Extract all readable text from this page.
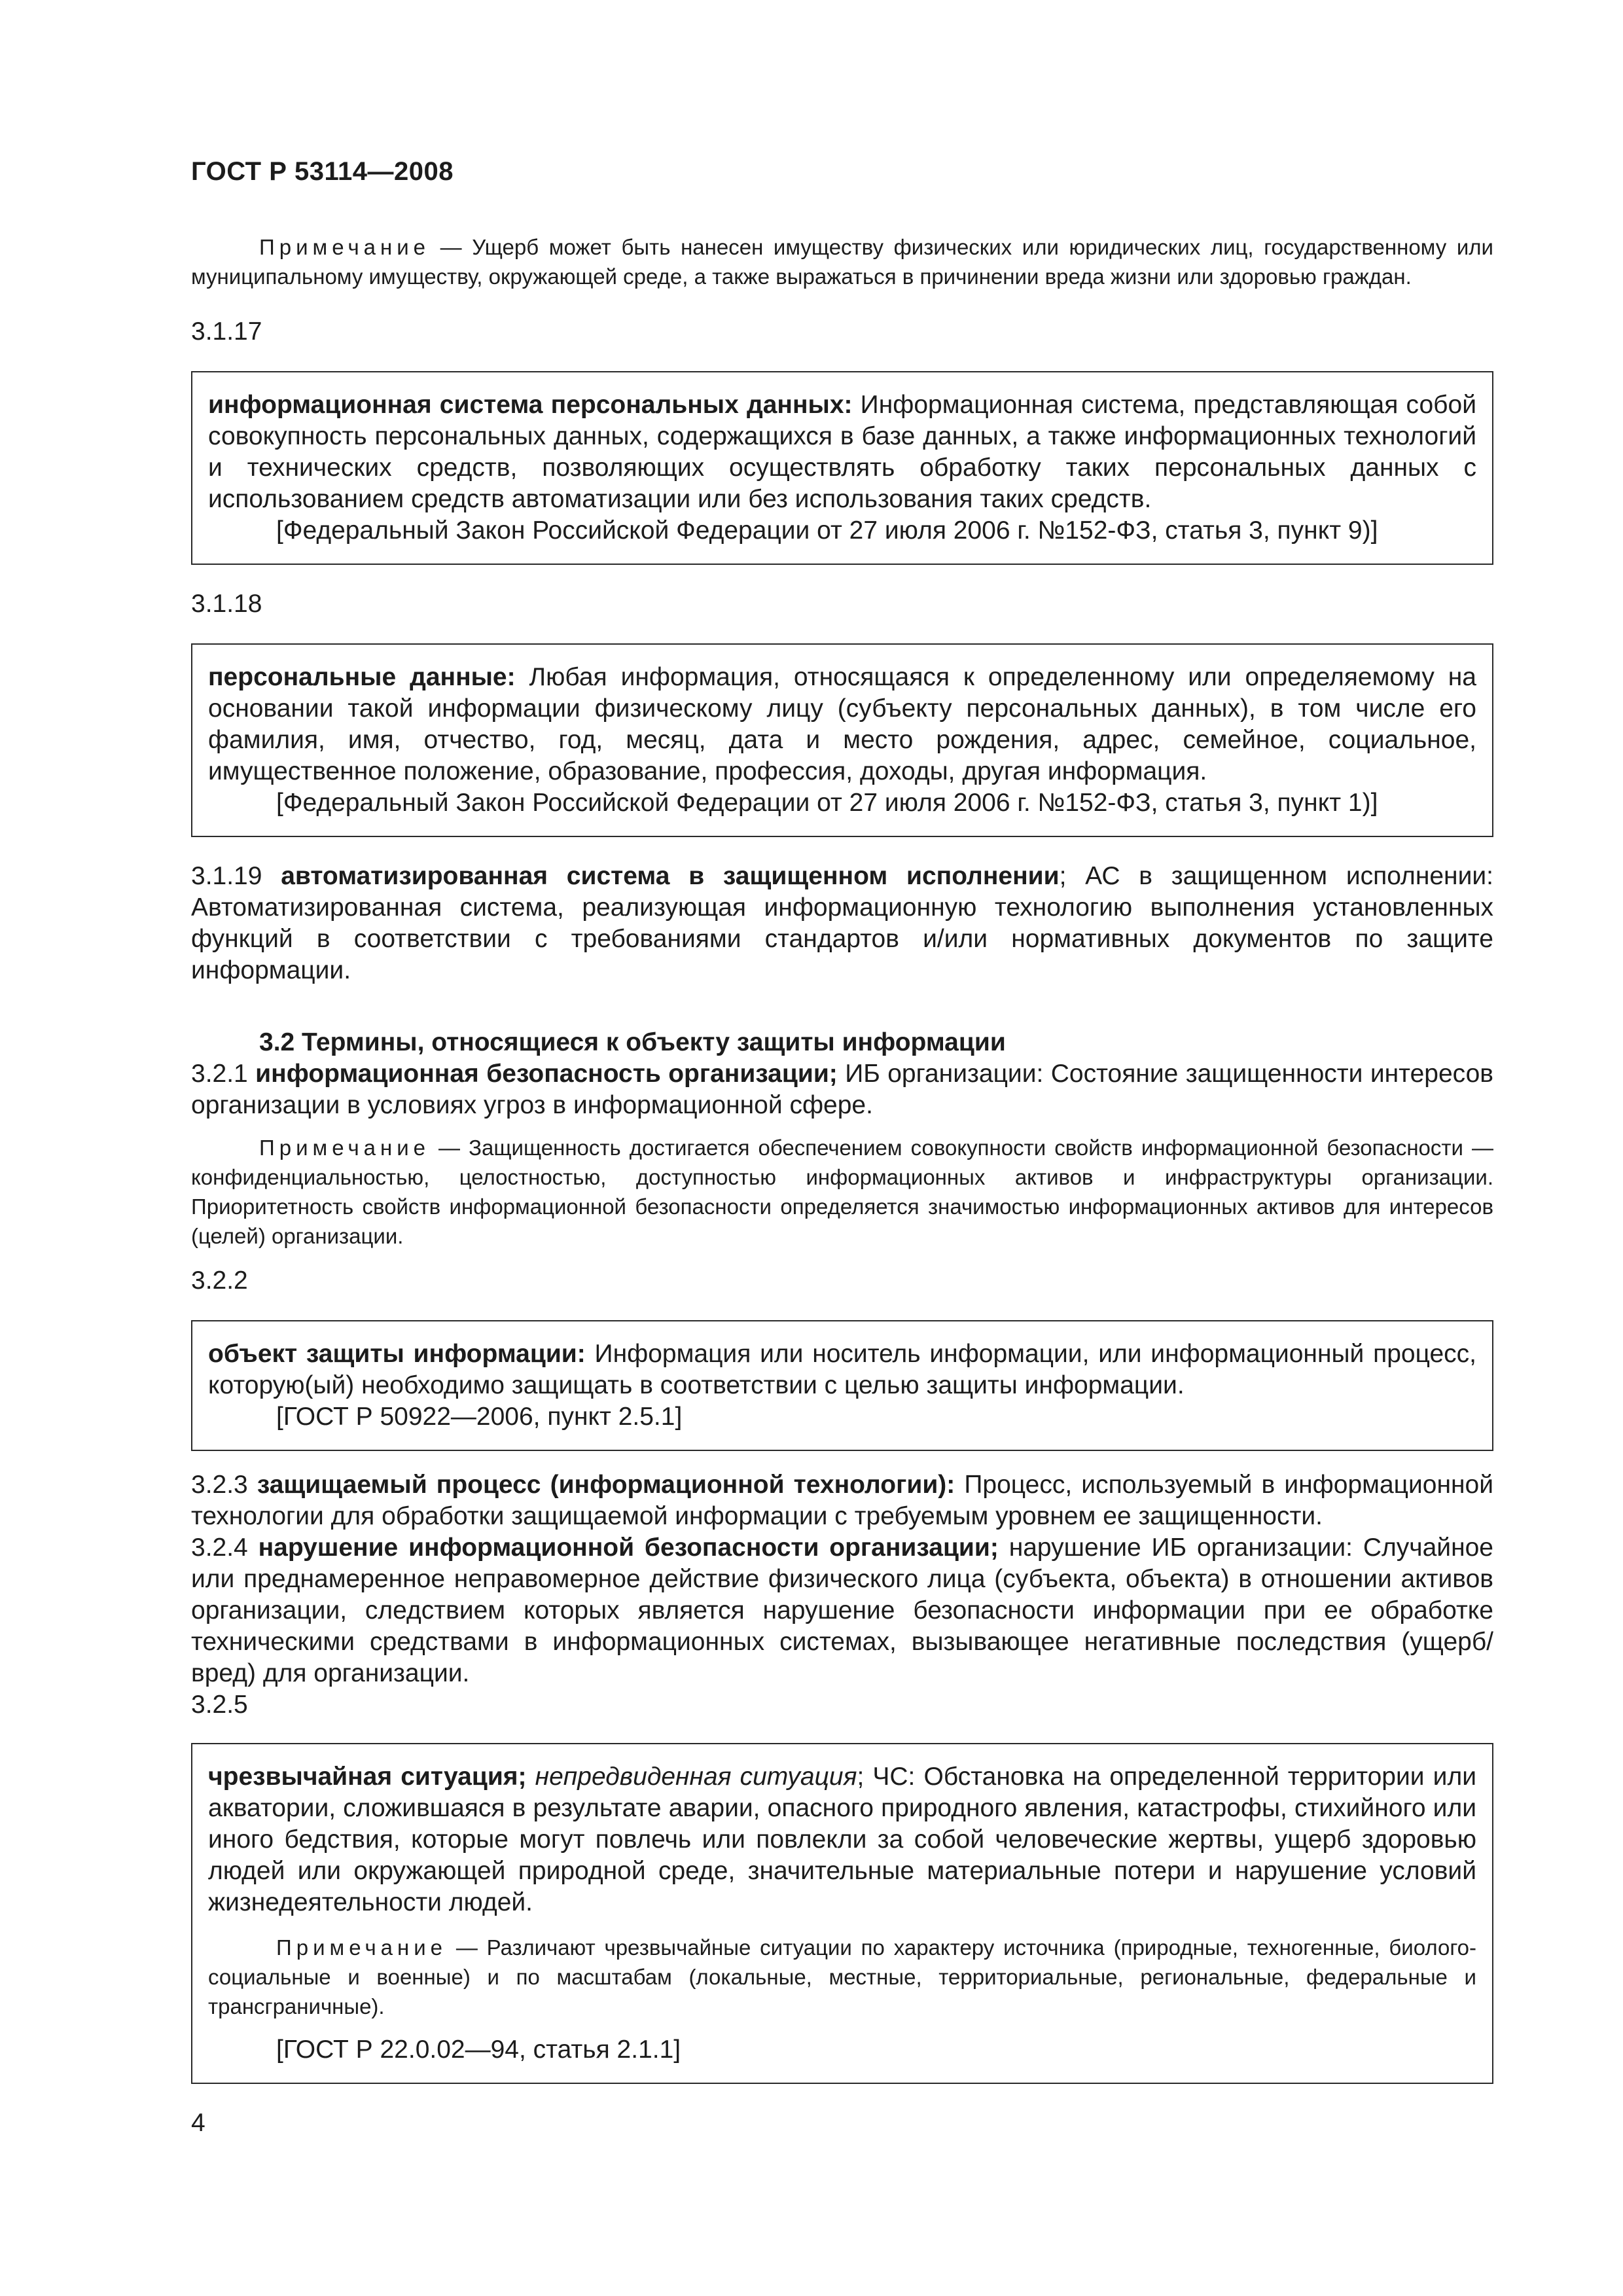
ГОСТ Р 53114—2008

Примечание — Ущерб может быть нанесен имуществу физических или юридических лиц, государственному или муниципальному имуществу, окружающей среде, а также выражаться в причинении вреда жизни или здоровью граждан.

3.1.17

информационная система персональных данных: Информационная система, представляющая собой совокупность персональных данных, содержащихся в базе данных, а также информационных технологий и технических средств, позволяющих осуществлять обработку таких персональных данных с использованием средств автоматизации или без использования таких средств.

[Федеральный Закон Российской Федерации от 27 июля 2006 г. №152-ФЗ, статья 3, пункт 9)]

3.1.18

персональные данные: Любая информация, относящаяся к определенному или определяемому на основании такой информации физическому лицу (субъекту персональных данных), в том числе его фамилия, имя, отчество, год, месяц, дата и место рождения, адрес, семейное, социальное, имущественное положение, образование, профессия, доходы, другая информация.

[Федеральный Закон Российской Федерации от 27 июля 2006 г. №152-ФЗ, статья 3, пункт 1)]

3.1.19 автоматизированная система в защищенном исполнении; АС в защищенном исполнении: Автоматизированная система, реализующая информационную технологию выполнения установленных функций в соответствии с требованиями стандартов и/или нормативных документов по защите информации.

3.2 Термины, относящиеся к объекту защиты информации

3.2.1 информационная безопасность организации; ИБ организации: Состояние защищенности интересов организации в условиях угроз в информационной сфере.

Примечание — Защищенность достигается обеспечением совокупности свойств информационной безопасности — конфиденциальностью, целостностью, доступностью информационных активов и инфраструктуры организации. Приоритетность свойств информационной безопасности определяется значимостью информационных активов для интересов (целей) организации.

3.2.2

объект защиты информации: Информация или носитель информации, или информационный процесс, которую(ый) необходимо защищать в соответствии с целью защиты информации.

[ГОСТ Р 50922—2006, пункт 2.5.1]

3.2.3 защищаемый процесс (информационной технологии): Процесс, используемый в информационной технологии для обработки защищаемой информации с требуемым уровнем ее защищенности.

3.2.4 нарушение информационной безопасности организации; нарушение ИБ организации: Случайное или преднамеренное неправомерное действие физического лица (субъекта, объекта) в отношении активов организации, следствием которых является нарушение безопасности информации при ее обработке техническими средствами в информационных системах, вызывающее негативные последствия (ущерб/вред) для организации.

3.2.5

чрезвычайная ситуация; непредвиденная ситуация; ЧС: Обстановка на определенной территории или акватории, сложившаяся в результате аварии, опасного природного явления, катастрофы, стихийного или иного бедствия, которые могут повлечь или повлекли за собой человеческие жертвы, ущерб здоровью людей или окружающей природной среде, значительные материальные потери и нарушение условий жизнедеятельности людей.

Примечание — Различают чрезвычайные ситуации по характеру источника (природные, техногенные, биолого-социальные и военные) и по масштабам (локальные, местные, территориальные, региональные, федеральные и трансграничные).

[ГОСТ Р 22.0.02—94, статья 2.1.1]

4
